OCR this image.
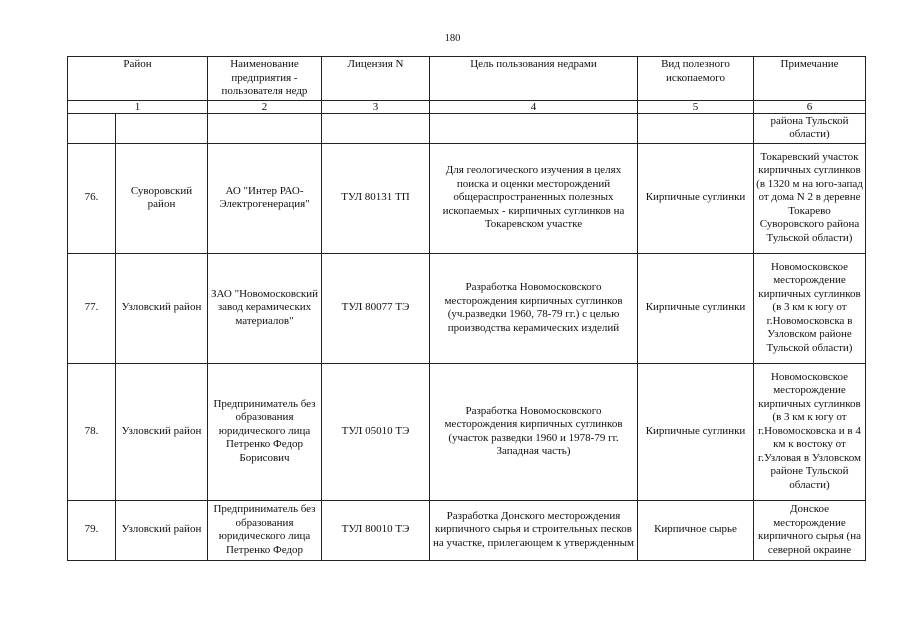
180
Район		Наименование предприятия - пользователя недр	Лицензия N	Цель пользования недрами	Вид полезного ископаемого	Примечание
1		2	3	4	5	6
						района Тульской области)
76.	Суворовский район	АО "Интер РАО-Электрогенерация"	ТУЛ 80131 ТП	Для геологического изучения в целях поиска и оценки месторождений общераспространенных полезных ископаемых - кирпичных суглинков на Токаревском участке	Кирпичные суглинки	Токаревский участок кирпичных суглинков (в 1320 м на юго-запад от дома N 2 в деревне Токарево Суворовского района Тульской области)
77.	Узловский район	ЗАО "Новомосковский завод керамических материалов"	ТУЛ 80077 ТЭ	Разработка Новомосковского месторождения кирпичных суглинков (уч.разведки 1960, 78-79 гг.) с целью производства керамических изделий	Кирпичные суглинки	Новомосковское месторождение кирпичных суглинков (в 3 км к югу от г.Новомосковска в Узловском районе Тульской области)
78.	Узловский район	Предприниматель без образования юридического лица Петренко Федор Борисович	ТУЛ 05010 ТЭ	Разработка Новомосковского месторождения кирпичных суглинков (участок разведки 1960 и 1978-79 гг. Западная часть)	Кирпичные суглинки	Новомосковское месторождение кирпичных суглинков (в 3 км к югу от г.Новомосковска и в 4 км к востоку от г.Узловая в Узловском районе Тульской области)
79.	Узловский район	Предприниматель без образования юридического лица Петренко Федор	ТУЛ 80010 ТЭ	Разработка Донского месторождения кирпичного сырья и строительных песков на участке, прилегающем к утвержденным	Кирпичное сырье	Донское месторождение кирпичного сырья (на северной окраине
